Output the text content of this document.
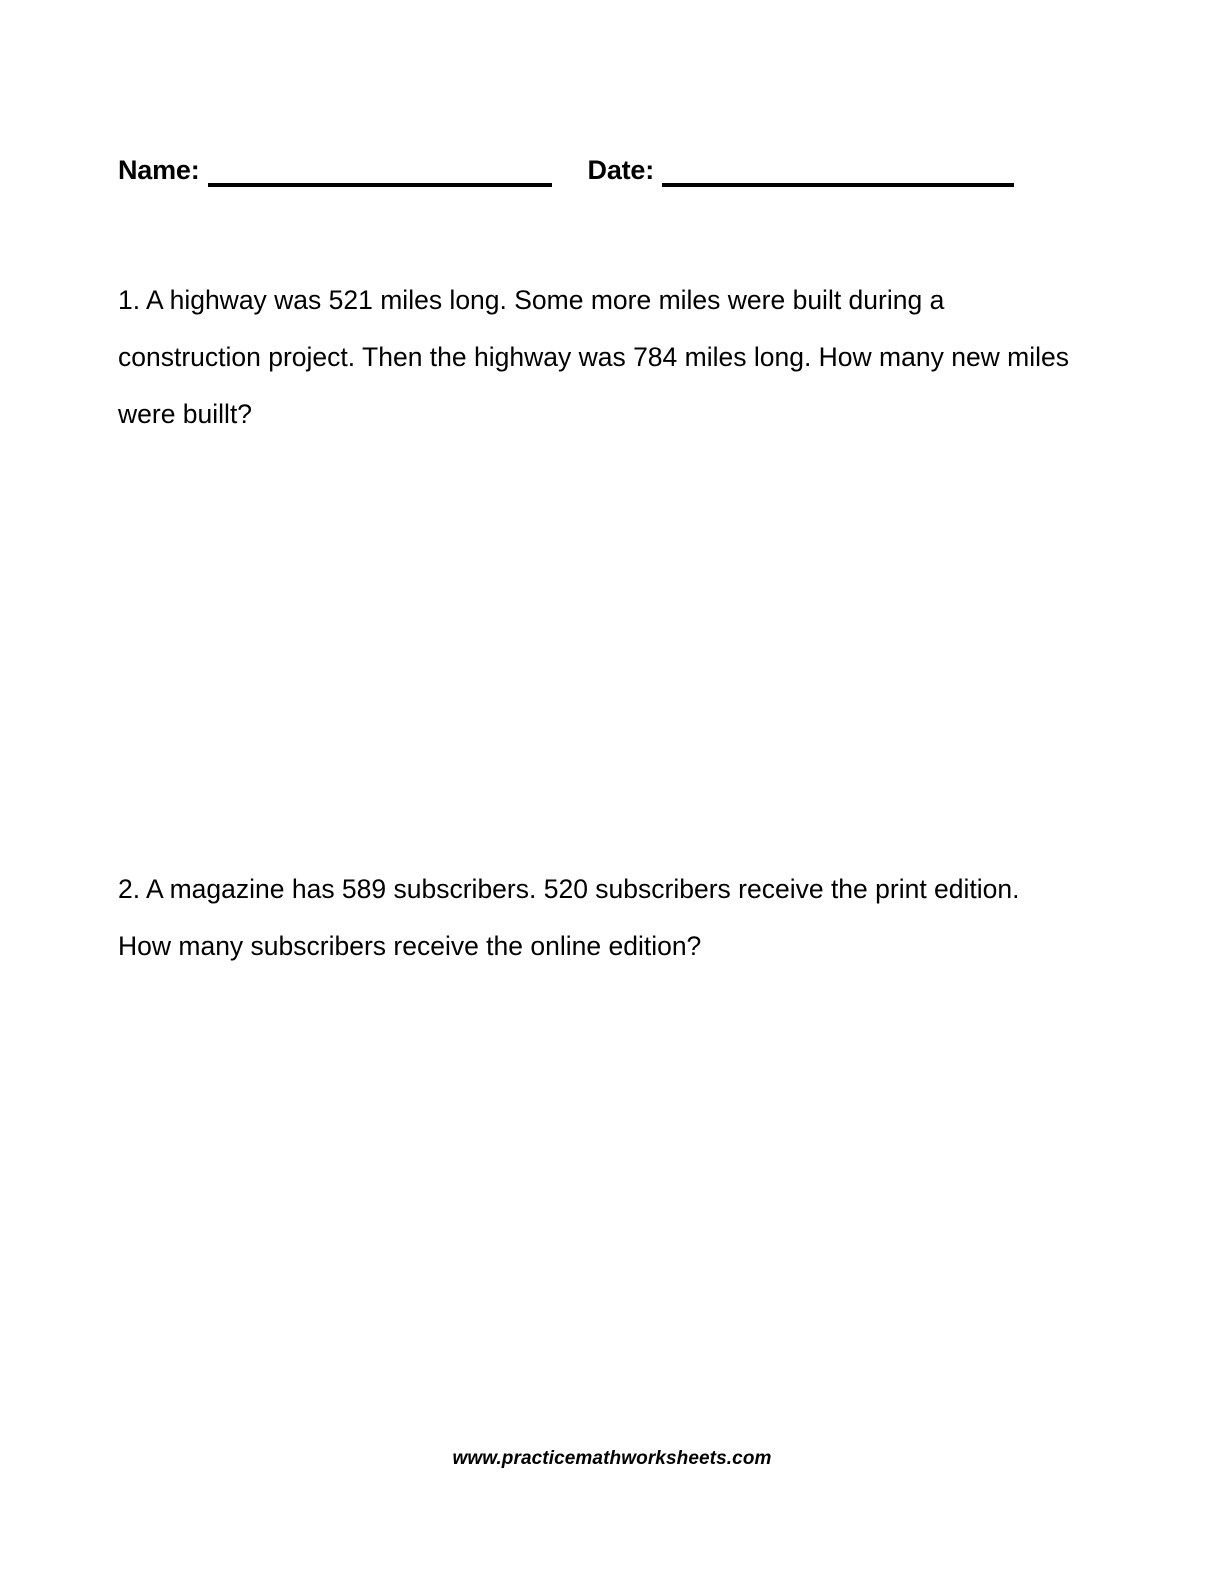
Name:	Date:

1. A highway was 521 miles long. Some more miles were built during a construction project. Then the highway was 784 miles long. How many new miles were buillt?

2. A magazine has 589 subscribers. 520 subscribers receive the print edition. How many subscribers receive the online edition?

www.practicemathworksheets.com
